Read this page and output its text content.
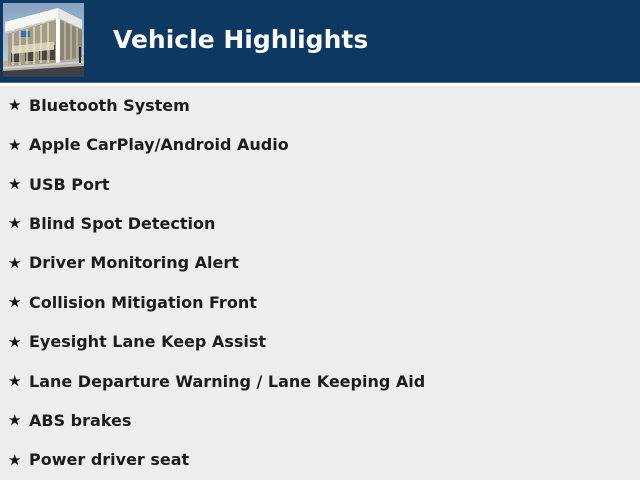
Vehicle Highlights
★ Bluetooth System
★ Apple CarPlay/Android Audio
★ USB Port
★ Blind Spot Detection
★ Driver Monitoring Alert
★ Collision Mitigation Front
★ Eyesight Lane Keep Assist
★ Lane Departure Warning / Lane Keeping Aid
★ ABS brakes
★ Power driver seat
